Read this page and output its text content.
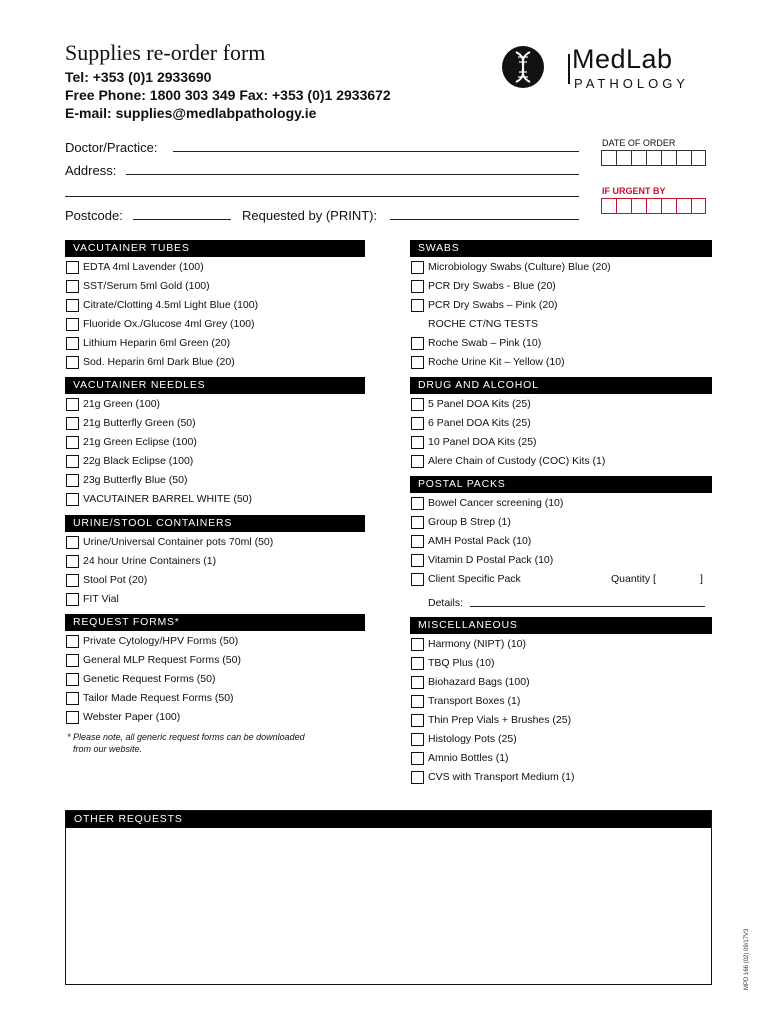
Supplies re-order form
Tel: +353 (0)1 2933690
Free Phone: 1800 303 349 Fax: +353 (0)1 2933672
E-mail: supplies@medlabpathology.ie
MedLab
PATHOLOGY
Doctor/Practice:
Address:
Postcode:	Requested by (PRINT):
DATE OF ORDER
IF URGENT BY
VACUTAINER TUBES
EDTA 4ml Lavender (100)
SST/Serum 5ml Gold (100)
Citrate/Clotting 4.5ml Light Blue (100)
Fluoride Ox./Glucose 4ml Grey (100)
Lithium Heparin 6ml Green (20)
Sod. Heparin 6ml Dark Blue (20)
VACUTAINER NEEDLES
21g Green (100)
21g Butterfly Green (50)
21g Green Eclipse (100)
22g Black Eclipse (100)
23g Butterfly Blue (50)
VACUTAINER BARREL WHITE (50)
URINE/STOOL CONTAINERS
Urine/Universal Container pots 70ml (50)
24 hour Urine Containers (1)
Stool Pot (20)
FIT Vial
REQUEST FORMS*
Private Cytology/HPV Forms (50)
General MLP Request Forms (50)
Genetic Request Forms (50)
Tailor Made Request Forms (50)
Webster Paper (100)
* Please note, all generic request forms can be downloaded
from our website.
SWABS
Microbiology Swabs (Culture) Blue (20)
PCR Dry Swabs - Blue (20)
PCR Dry Swabs – Pink (20)
ROCHE CT/NG TESTS
Roche Swab – Pink (10)
Roche Urine Kit – Yellow (10)
DRUG AND ALCOHOL
5 Panel DOA Kits (25)
6 Panel DOA Kits (25)
10 Panel DOA Kits (25)
Alere Chain of Custody (COC) Kits (1)
POSTAL PACKS
Bowel Cancer screening (10)
Group B Strep (1)
AMH Postal Pack (10)
Vitamin D Postal Pack (10)
Client Specific Pack	Quantity [	]
Details:
MISCELLANEOUS
Harmony (NIPT) (10)
TBQ Plus (10)
Biohazard Bags (100)
Transport Boxes (1)
Thin Prep Vials + Brushes (25)
Histology Pots (25)
Amnio Bottles (1)
CVS with Transport Medium (1)
OTHER REQUESTS
MPD 166 (02) 09/17V3
